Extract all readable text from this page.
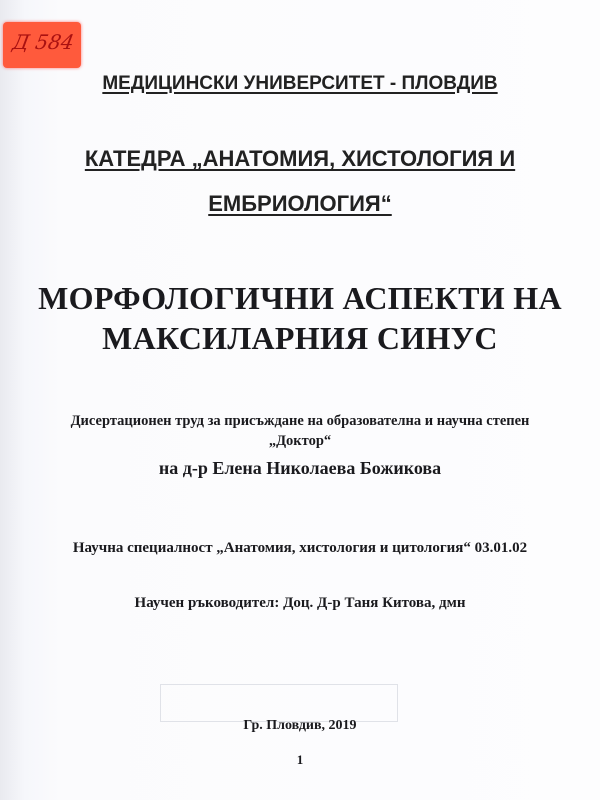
Д 584
МЕДИЦИНСКИ УНИВЕРСИТЕТ - ПЛОВДИВ
КАТЕДРА „АНАТОМИЯ, ХИСТОЛОГИЯ И
ЕМБРИОЛОГИЯ“
МОРФОЛОГИЧНИ АСПЕКТИ НА
МАКСИЛАРНИЯ СИНУС
Дисертационен труд за присъждане на образователна и научна степен
„Доктор“
на д-р Елена Николаева Божикова
Научна специалност „Анатомия, хистология и цитология“ 03.01.02
Научен ръководител: Доц. Д-р Таня Китова, дмн
Гр. Пловдив, 2019
1
